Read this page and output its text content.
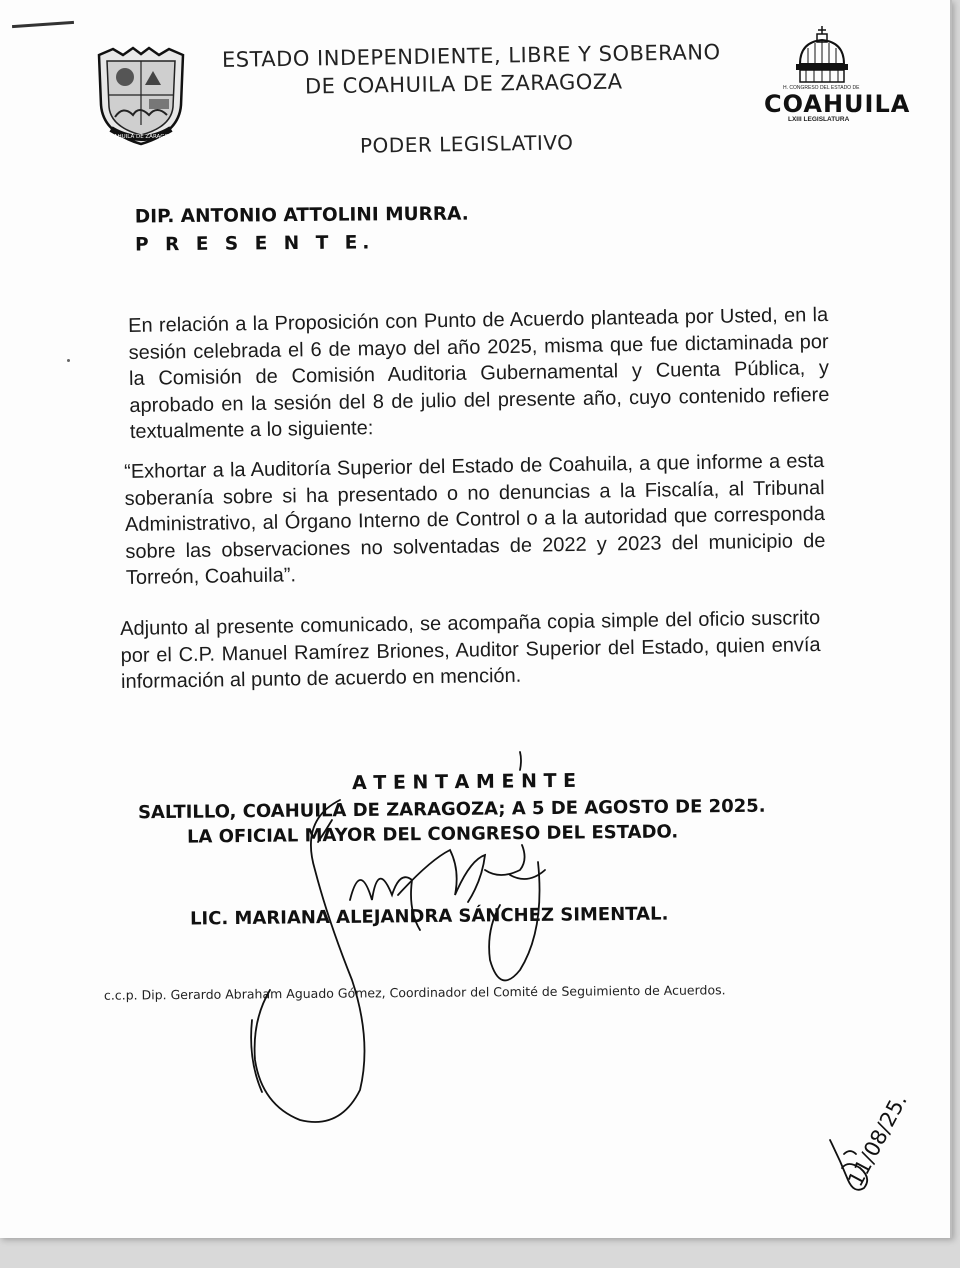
COAHUILA DE ZARAGOZA
ESTADO INDEPENDIENTE, LIBRE Y SOBERANO
DE COAHUILA DE ZARAGOZA
PODER LEGISLATIVO
H. CONGRESO DEL ESTADO DE
COAHUILA
LXIII LEGISLATURA
DIP. ANTONIO ATTOLINI MURRA.
P R E S E N T E.
En relación a la Proposición con Punto de Acuerdo planteada por Usted, en la sesión celebrada el 6 de mayo del año 2025, misma que fue dictaminada por la Comisión de Comisión Auditoria Gubernamental y Cuenta Pública, y aprobado en la sesión del 8 de julio del presente año, cuyo contenido refiere textualmente a lo siguiente:
“Exhortar a la Auditoría Superior del Estado de Coahuila, a que informe a esta soberanía sobre si ha presentado o no denuncias a la Fiscalía, al Tribunal Administrativo, al Órgano Interno de Control o a la autoridad que corresponda sobre las observaciones no solventadas de 2022 y 2023 del municipio de Torreón, Coahuila”.
Adjunto al presente comunicado, se acompaña copia simple del oficio suscrito por el C.P. Manuel Ramírez Briones, Auditor Superior del Estado, quien envía información al punto de acuerdo en mención.
A T E N T A M E N T E
SALTILLO, COAHUILA DE ZARAGOZA; A 5 DE AGOSTO DE 2025.
LA OFICIAL MAYOR DEL CONGRESO DEL ESTADO.
LIC. MARIANA ALEJANDRA SÁNCHEZ SIMENTAL.
c.c.p. Dip. Gerardo Abraham Aguado Gómez, Coordinador del Comité de Seguimiento de Acuerdos.
11/08/25.
